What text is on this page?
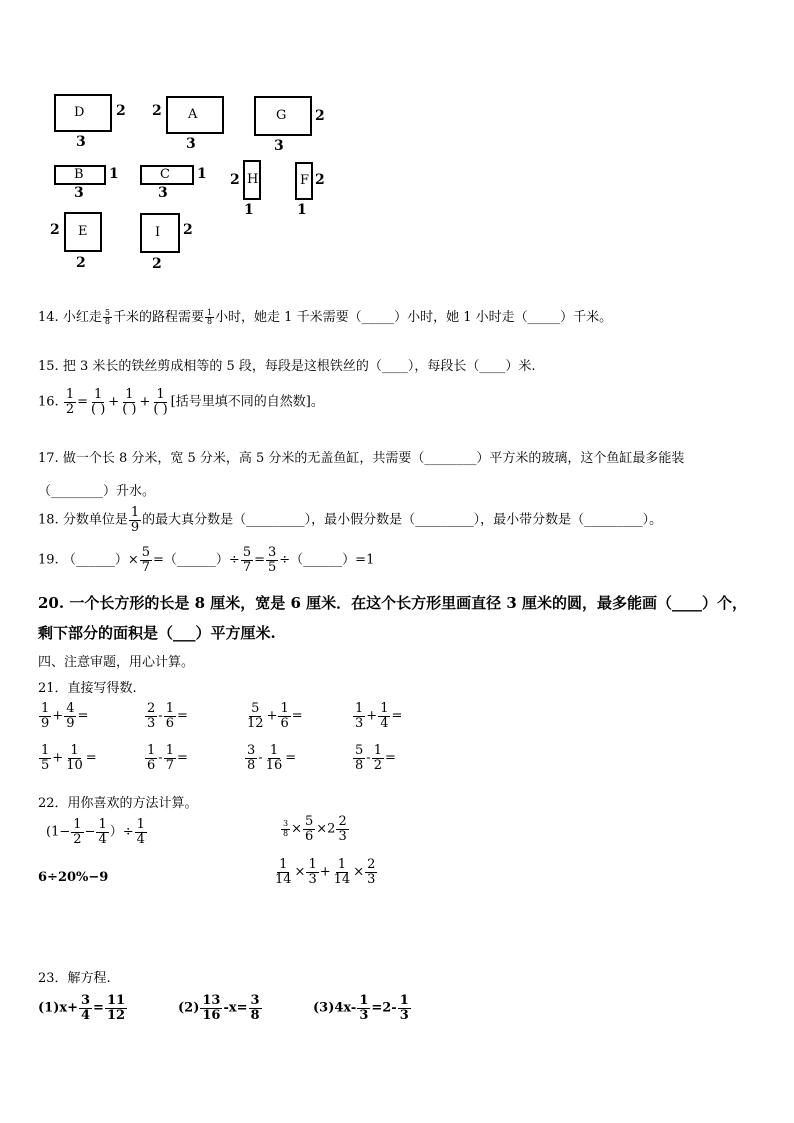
D 2
3
A
2
3
G 2
3
B 1
3
C 1
3
H
2
1
F 2
1
E
2
2
I 2
2
14. 小红走 $\frac{5}{8}$ 千米的路程需要 $\frac{1}{8}$ 小时，她走 1 千米需要（_____）小时，她 1 小时走（_____）千米。
15. 把 3 米长的铁丝剪成相等的 5 段，每段是这根铁丝的（____），每段长（____）米.
16. $\frac{1}{2} = \frac{1}{( )} + \frac{1}{( )} + \frac{1}{( )}$ [括号里填不同的自然数]。
17. 做一个长 8 分米，宽 5 分米，高 5 分米的无盖鱼缸，共需要（________）平方米的玻璃，这个鱼缸最多能装
（________）升水。
18. 分数单位是 $\frac{1}{9}$ 的最大真分数是（_________），最小假分数是（_________），最小带分数是（_________）。
19. （______）× $\frac{5}{7}$ =（______）÷ $\frac{5}{7} = \frac{3}{5}$ ÷（______）=1
20. 一个长方形的长是 8 厘米，宽是 6 厘米．在这个长方形里画直径 3 厘米的圆，最多能画（____）个，
剩下部分的面积是（___）平方厘米.
四、注意审题，用心计算。
21．直接写得数.
$\frac{1}{9} + \frac{4}{9}$ =	$\frac{2}{3} - \frac{1}{6}$ =	$\frac{5}{12} + \frac{1}{6}$ =	$\frac{1}{3} + \frac{1}{4}$ =
$\frac{1}{5} + \frac{1}{10}$ =	$\frac{1}{6} - \frac{1}{7}$ =	$\frac{3}{8} - \frac{1}{16}$ =	$\frac{5}{8} - \frac{1}{2}$ =
22．用你喜欢的方法计算。
($1- \frac{1}{2} - \frac{1}{4}$ ）÷ $\frac{1}{4}$	$\frac{3}{8} \times \frac{5}{6} \times 2 \frac{2}{3}$
6÷20%−9	$\frac{1}{14} \times \frac{1}{3} + \frac{1}{14} \times \frac{2}{3}$
23．解方程.
$(1)x+ \frac{3}{4} = \frac{11}{12}$	$(2) \frac{13}{16} -x= \frac{3}{8}$	$(3)4x- \frac{1}{3} =2- \frac{1}{3}$
